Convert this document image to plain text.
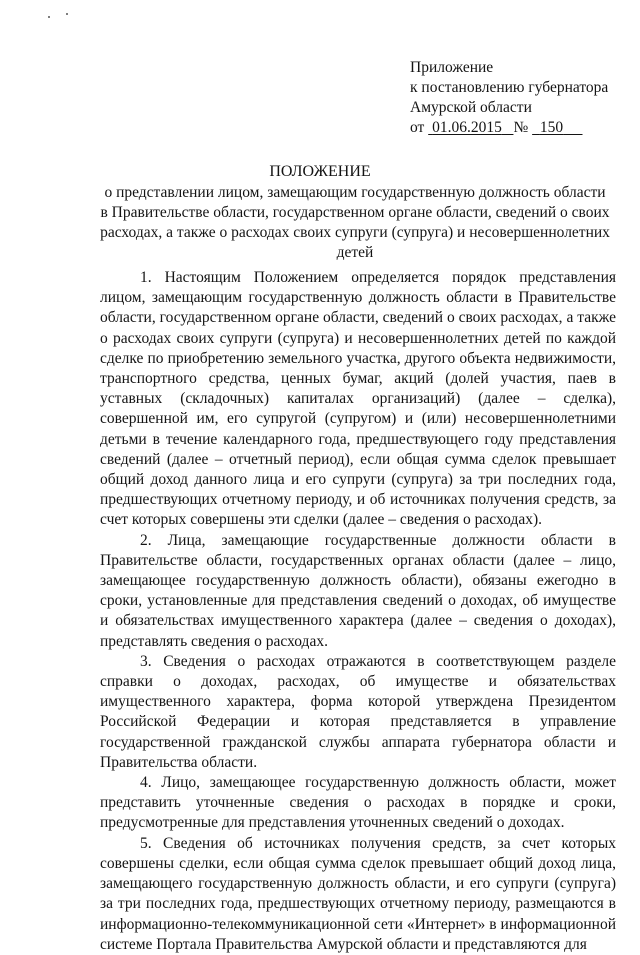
Приложение
к постановлению губернатора
Амурской области
от 01.06.2015 № 150
ПОЛОЖЕНИЕ
о представлении лицом, замещающим государственную должность области в Правительстве области, государственном органе области, сведений о своих расходах, а также о расходах своих супруги (супруга) и несовершеннолетних детей

1. Настоящим Положением определяется порядок представления лицом, замещающим государственную должность области в Правительстве области, государственном органе области, сведений о своих расходах, а также о расходах своих супруги (супруга) и несовершеннолетних детей по каждой сделке по приобретению земельного участка, другого объекта недвижимости, транспортного средства, ценных бумаг, акций (долей участия, паев в уставных (складочных) капиталах организаций) (далее – сделка), совершенной им, его супругой (супругом) и (или) несовершеннолетними детьми в течение календарного года, предшествующего году представления сведений (далее – отчетный период), если общая сумма сделок превышает общий доход данного лица и его супруги (супруга) за три последних года, предшествующих отчетному периоду, и об источниках получения средств, за счет которых совершены эти сделки (далее – сведения о расходах).

2. Лица, замещающие государственные должности области в Правительстве области, государственных органах области (далее – лицо, замещающее государственную должность области), обязаны ежегодно в сроки, установленные для представления сведений о доходах, об имуществе и обязательствах имущественного характера (далее – сведения о доходах), представлять сведения о расходах.

3. Сведения о расходах отражаются в соответствующем разделе справки о доходах, расходах, об имуществе и обязательствах имущественного характера, форма которой утверждена Президентом Российской Федерации и которая представляется в управление государственной гражданской службы аппарата губернатора области и Правительства области.

4. Лицо, замещающее государственную должность области, может представить уточненные сведения о расходах в порядке и сроки, предусмотренные для представления уточненных сведений о доходах.

5. Сведения об источниках получения средств, за счет которых совершены сделки, если общая сумма сделок превышает общий доход лица, замещающего государственную должность области, и его супруги (супруга) за три последних года, предшествующих отчетному периоду, размещаются в информационно-телекоммуникационной сети «Интернет» в информационной системе Портала Правительства Амурской области и представляются для
